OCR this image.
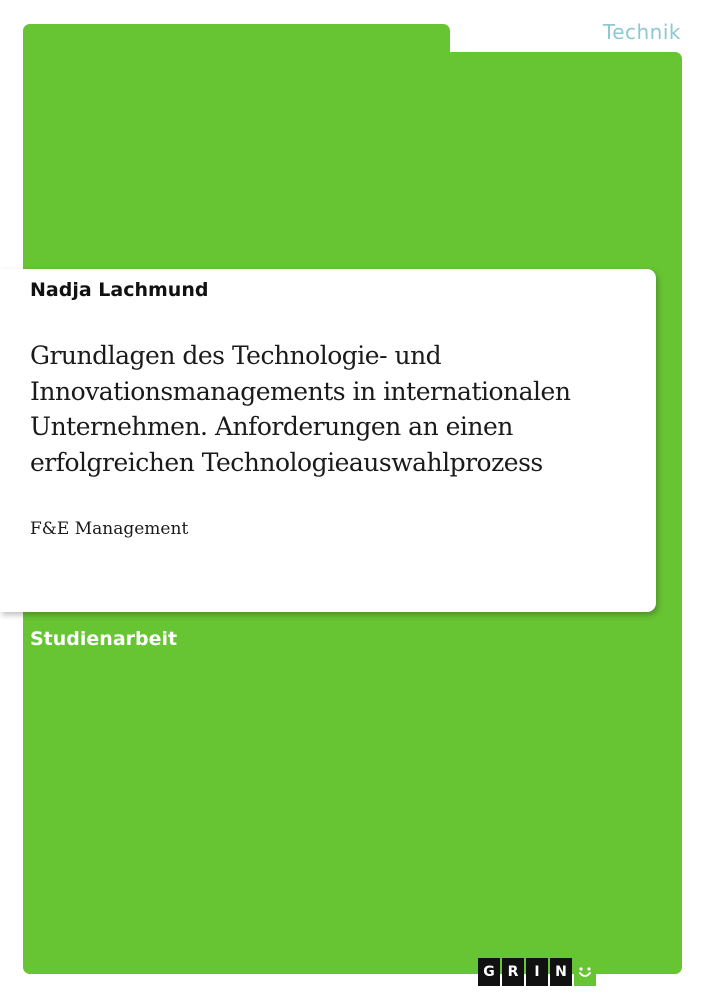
Technik
Nadja Lachmund
Grundlagen des Technologie- und Innovationsmanagements in internationalen Unternehmen. Anforderungen an einen erfolgreichen Technologieauswahlprozess
F&E Management
Studienarbeit
G R	I	N
